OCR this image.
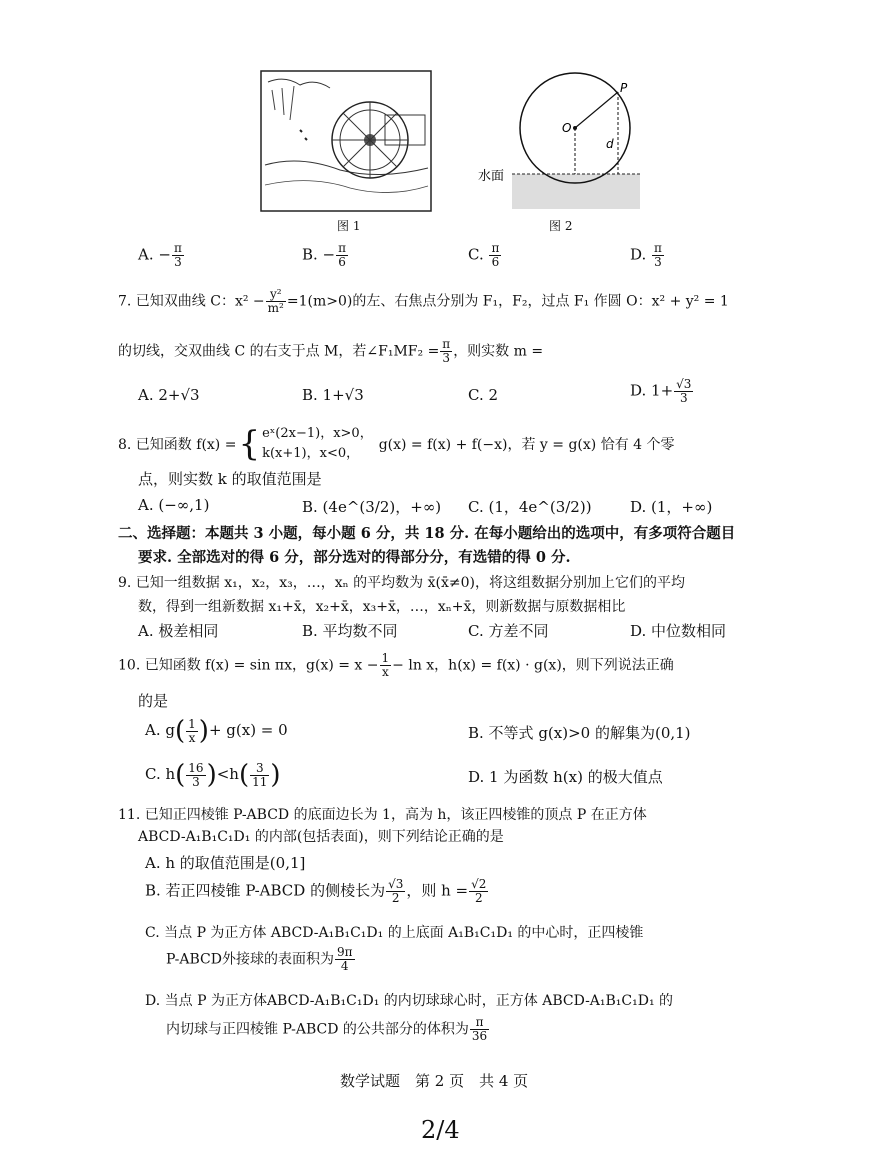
图 1
O
P
d
水面
图 2
A. − $\frac{\pi}{3}$	B. − $\frac{\pi}{6}$	C. $\frac{\pi}{6}$	D. $\frac{\pi}{3}$
7. 已知双曲线 C：$x^2 - \frac{\text{y²}}{\text{m²}} =1(m>0)$的左、右焦点分别为 F₁，F₂，过点 F₁ 作圆 O：x² + y² = 1
的切线，交双曲线 C 的右支于点 M，若∠F₁MF₂ = $\frac{\pi}{3}$ ，则实数 m =
A. 2+√3	B. 1+√3	C. 2	D. $1+ \frac{√3}{3}$
8. 已知函数 f(x) = { eˣ(2x−1)，x>0，
k(x+1)，x<0，
g(x) = f(x) + f(−x)，若 y = g(x) 恰有 4 个零
点，则实数 k 的取值范围是
A. (−∞,1)	B. (4e^(3/2)，+∞) C. (1，4e^(3/2))	D. (1，+∞)
二、选择题：本题共 3 小题，每小题 6 分，共 18 分. 在每小题给出的选项中，有多项符合题目
要求. 全部选对的得 6 分，部分选对的得部分分，有选错的得 0 分.
9. 已知一组数据 x₁，x₂，x₃，…，xₙ 的平均数为 x̄(x̄≠0)，将这组数据分别加上它们的平均
数，得到一组新数据 x₁+x̄，x₂+x̄，x₃+x̄，…，xₙ+x̄，则新数据与原数据相比
A. 极差相同	B. 平均数不同	C. 方差不同	D. 中位数相同
10. 已知函数 f(x) = sin πx，$g(x) = x - \frac{1}{x} - \ln x$，h(x) = f(x) · g(x)，则下列说法正确
的是
A. $g( \frac{1}{x}$ )+ g(x) = 0	B. 不等式 g(x)>0 的解集为(0,1)
C. $h( \frac{16}{3} )<h( \frac{3}{11}$ )	D. 1 为函数 h(x) 的极大值点
11. 已知正四棱锥 P-ABCD 的底面边长为 1，高为 h，该正四棱锥的顶点 P 在正方体
ABCD-A₁B₁C₁D₁ 的内部(包括表面)，则下列结论正确的是
A. h 的取值范围是(0,1]
B. 若正四棱锥 P-ABCD 的侧棱长为 $\frac{√3}{2}$ ，则 $h = \frac{√2}{2}$
C. 当点 P 为正方体 ABCD-A₁B₁C₁D₁ 的上底面 A₁B₁C₁D₁ 的中心时，正四棱锥
P-ABCD外接球的表面积为 $\frac{9\pi}{4}$
D. 当点 P 为正方体ABCD-A₁B₁C₁D₁ 的内切球球心时，正方体 ABCD-A₁B₁C₁D₁ 的
内切球与正四棱锥 P-ABCD 的公共部分的体积为 $\frac{\pi}{36}$
数学试题　第 2 页　共 4 页
2/4
